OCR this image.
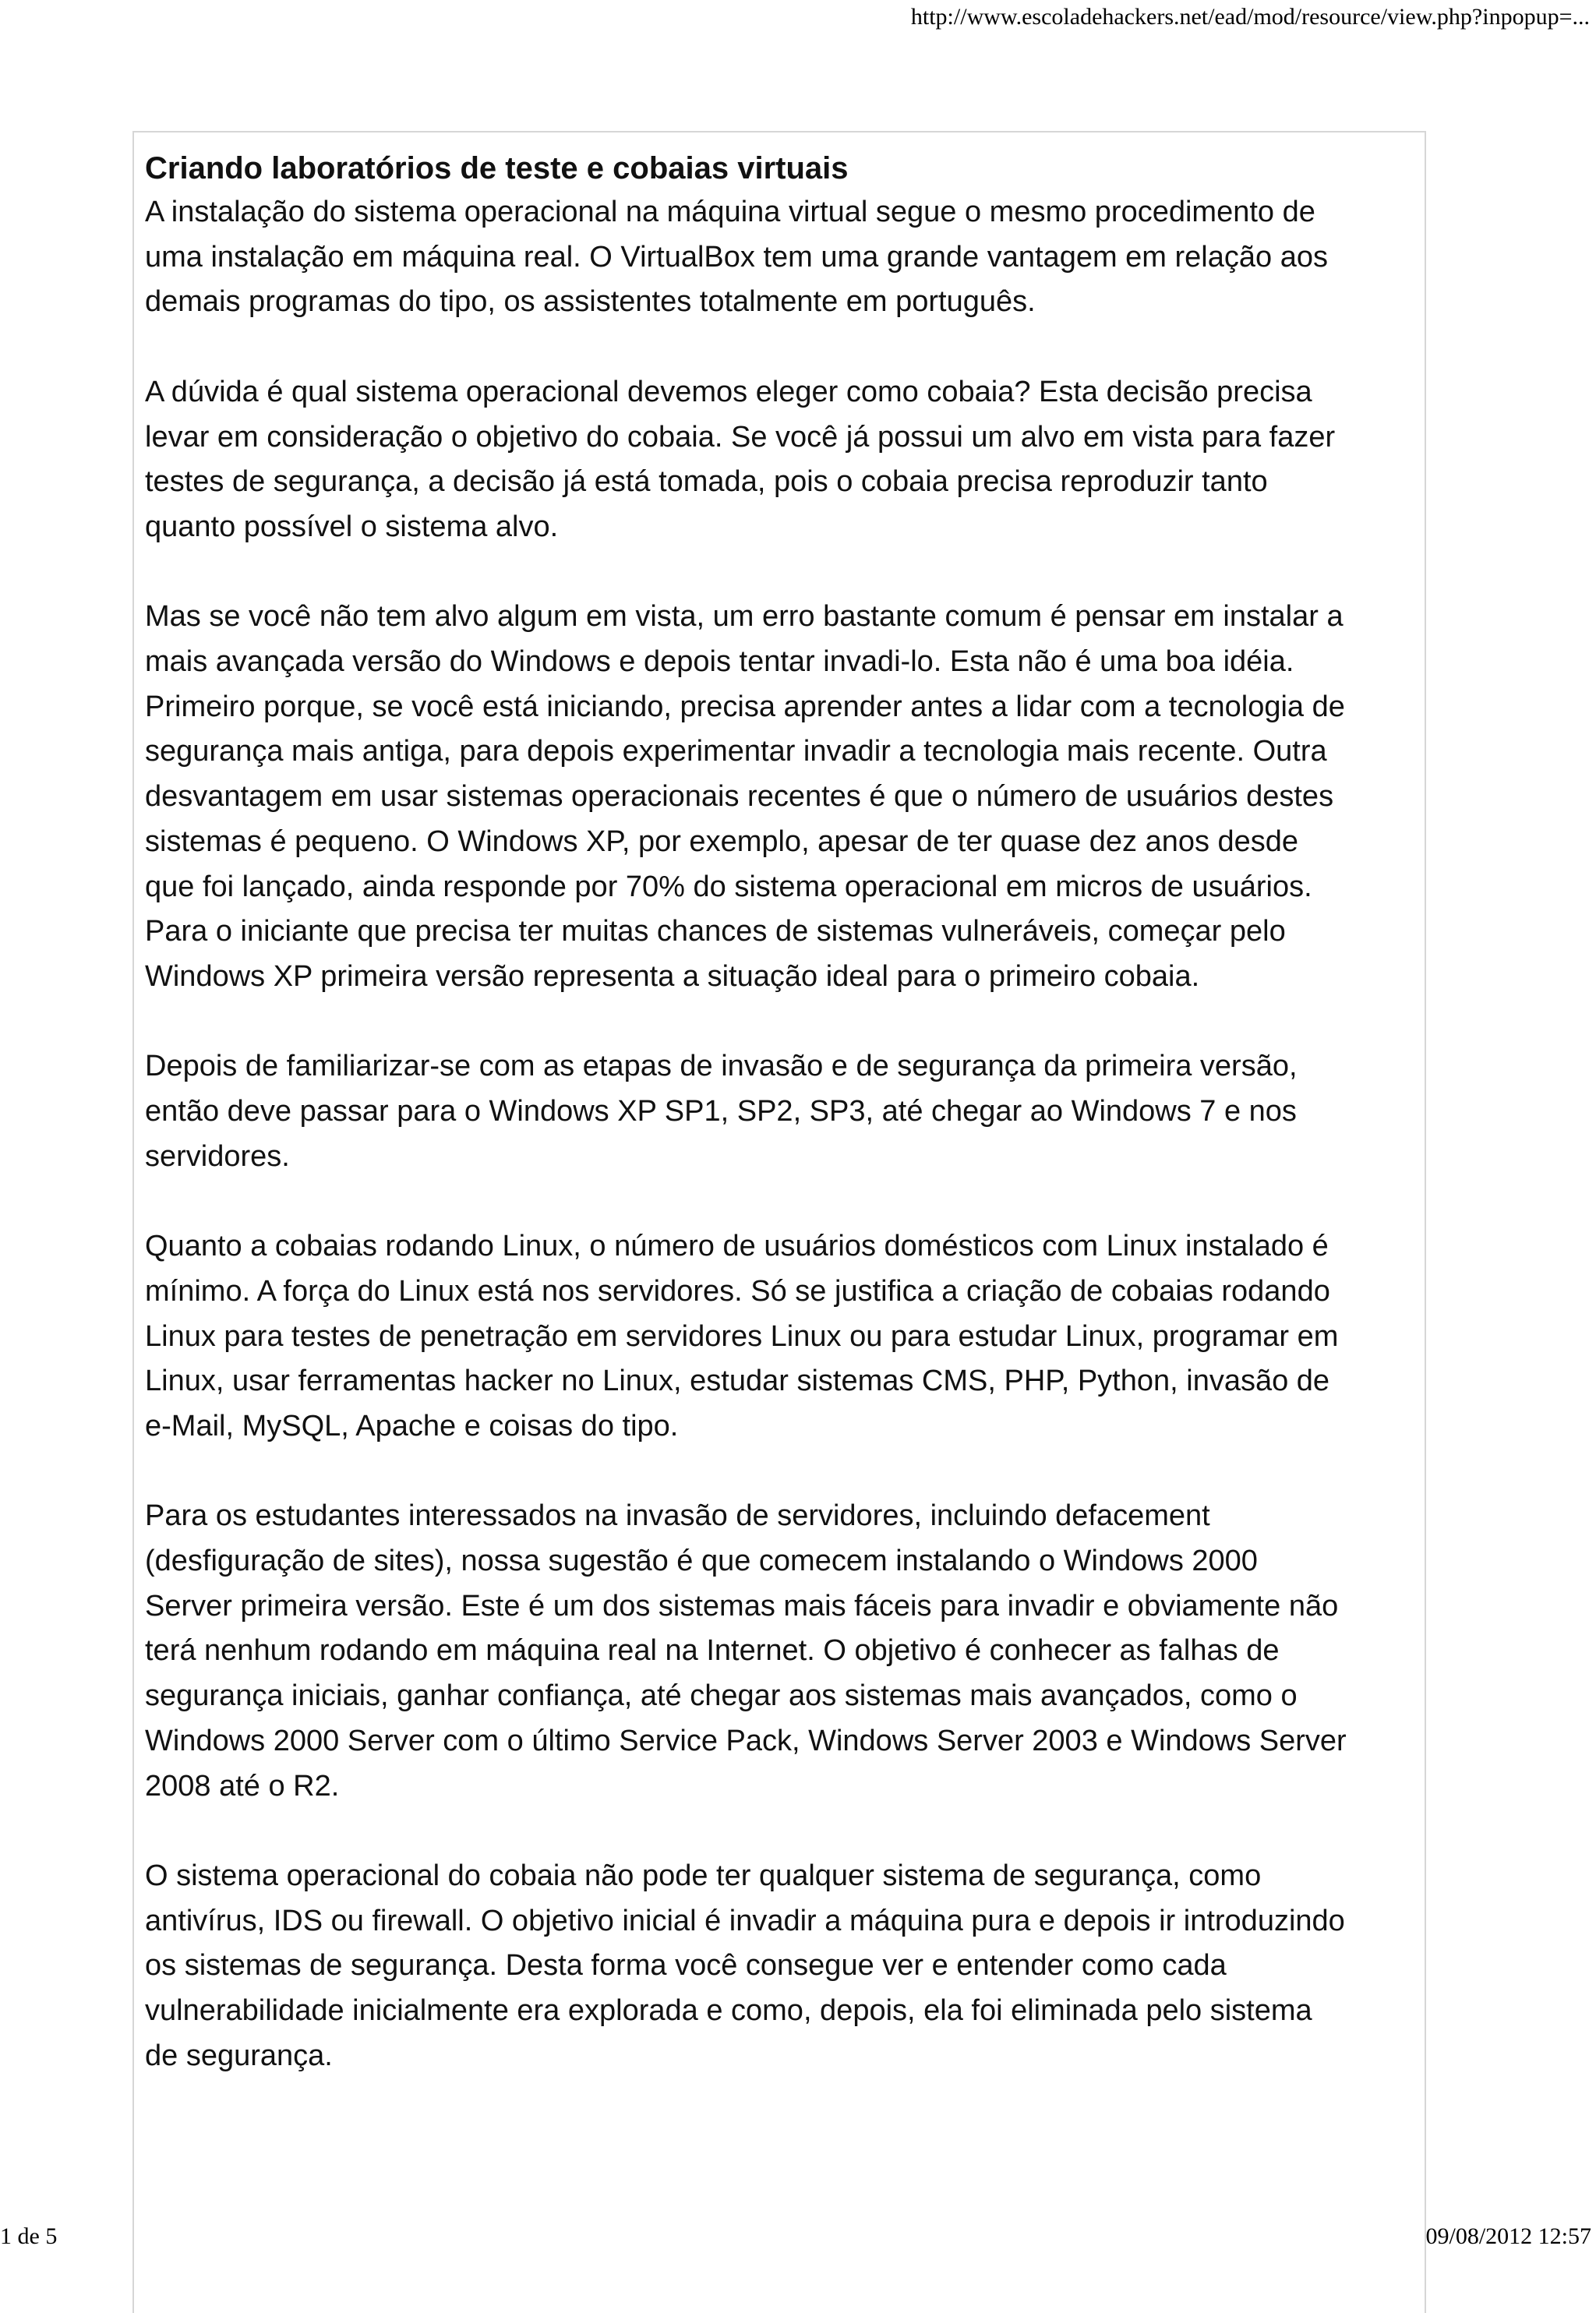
http://www.escoladehackers.net/ead/mod/resource/view.php?inpopup=...
Criando laboratórios de teste e cobaias virtuais

A instalação do sistema operacional na máquina virtual segue o mesmo procedimento de
uma instalação em máquina real. O VirtualBox tem uma grande vantagem em relação aos
demais programas do tipo, os assistentes totalmente em português.

A dúvida é qual sistema operacional devemos eleger como cobaia? Esta decisão precisa
levar em consideração o objetivo do cobaia. Se você já possui um alvo em vista para fazer
testes de segurança, a decisão já está tomada, pois o cobaia precisa reproduzir tanto
quanto possível o sistema alvo.

Mas se você não tem alvo algum em vista, um erro bastante comum é pensar em instalar a
mais avançada versão do Windows e depois tentar invadi-lo. Esta não é uma boa idéia.
Primeiro porque, se você está iniciando, precisa aprender antes a lidar com a tecnologia de
segurança mais antiga, para depois experimentar invadir a tecnologia mais recente. Outra
desvantagem em usar sistemas operacionais recentes é que o número de usuários destes
sistemas é pequeno. O Windows XP, por exemplo, apesar de ter quase dez anos desde
que foi lançado, ainda responde por 70% do sistema operacional em micros de usuários.
Para o iniciante que precisa ter muitas chances de sistemas vulneráveis, começar pelo
Windows XP primeira versão representa a situação ideal para o primeiro cobaia.

Depois de familiarizar-se com as etapas de invasão e de segurança da primeira versão,
então deve passar para o Windows XP SP1, SP2, SP3, até chegar ao Windows 7 e nos
servidores.

Quanto a cobaias rodando Linux, o número de usuários domésticos com Linux instalado é
mínimo. A força do Linux está nos servidores. Só se justifica a criação de cobaias rodando
Linux para testes de penetração em servidores Linux ou para estudar Linux, programar em
Linux, usar ferramentas hacker no Linux, estudar sistemas CMS, PHP, Python, invasão de
e-Mail, MySQL, Apache e coisas do tipo.

Para os estudantes interessados na invasão de servidores, incluindo defacement
(desfiguração de sites), nossa sugestão é que comecem instalando o Windows 2000
Server primeira versão. Este é um dos sistemas mais fáceis para invadir e obviamente não
terá nenhum rodando em máquina real na Internet. O objetivo é conhecer as falhas de
segurança iniciais, ganhar confiança, até chegar aos sistemas mais avançados, como o
Windows 2000 Server com o último Service Pack, Windows Server 2003 e Windows Server
2008 até o R2.

O sistema operacional do cobaia não pode ter qualquer sistema de segurança, como
antivírus, IDS ou firewall. O objetivo inicial é invadir a máquina pura e depois ir introduzindo
os sistemas de segurança. Desta forma você consegue ver e entender como cada
vulnerabilidade inicialmente era explorada e como, depois, ela foi eliminada pelo sistema
de segurança.

1 de 5	09/08/2012 12:57
